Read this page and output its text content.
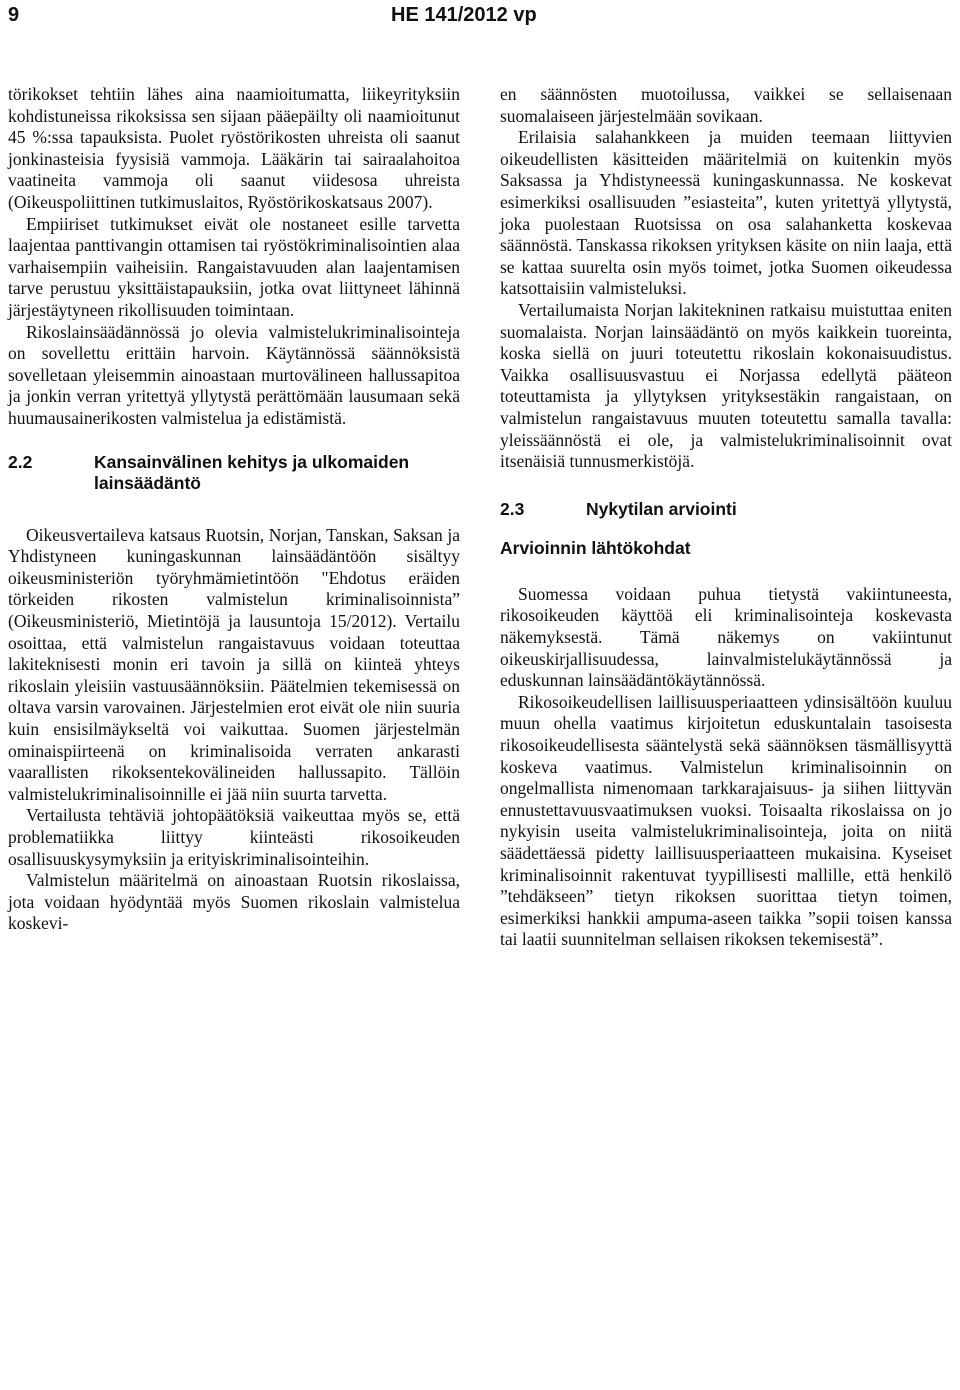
9	HE 141/2012 vp

törikokset tehtiin lähes aina naamioitumatta, liikeyrityksiin kohdistuneissa rikoksissa sen sijaan pääepäilty oli naamioitunut 45 %:ssa tapauksista. Puolet ryöstörikosten uhreista oli saanut jonkinasteisia fyysisiä vammoja. Lääkärin tai sairaalahoitoa vaatineita vammoja oli saanut viidesosa uhreista (Oikeuspoliittinen tutkimuslaitos, Ryöstörikoskatsaus 2007).

Empiiriset tutkimukset eivät ole nostaneet esille tarvetta laajentaa panttivangin ottamisen tai ryöstökriminalisointien alaa varhaisempiin vaiheisiin. Rangaistavuuden alan laajentamisen tarve perustuu yksittäistapauksiin, jotka ovat liittyneet lähinnä järjestäytyneen rikollisuuden toimintaan.

Rikoslainsäädännössä jo olevia valmistelukriminalisointeja on sovellettu erittäin harvoin. Käytännössä säännöksistä sovelletaan yleisemmin ainoastaan murtovälineen hallussapitoa ja jonkin verran yritettyä yllytystä perättömään lausumaan sekä huumausainerikosten valmistelua ja edistämistä.

2.2	Kansainvälinen kehitys ja ulkomaiden lainsäädäntö

Oikeusvertaileva katsaus Ruotsin, Norjan, Tanskan, Saksan ja Yhdistyneen kuningaskunnan lainsäädäntöön sisältyy oikeusministeriön työryhmämietintöön "Ehdotus eräiden törkeiden rikosten valmistelun kriminalisoinnista” (Oikeusministeriö, Mietintöjä ja lausuntoja 15/2012). Vertailu osoittaa, että valmistelun rangaistavuus voidaan toteuttaa lakiteknisesti monin eri tavoin ja sillä on kiinteä yhteys rikoslain yleisiin vastuusäännöksiin. Päätelmien tekemisessä on oltava varsin varovainen. Järjestelmien erot eivät ole niin suuria kuin ensisilmäykseltä voi vaikuttaa. Suomen järjestelmän ominaispiirteenä on kriminalisoida verraten ankarasti vaarallisten rikoksentekovälineiden hallussapito. Tällöin valmistelukriminalisoinnille ei jää niin suurta tarvetta.

Vertailusta tehtäviä johtopäätöksiä vaikeuttaa myös se, että problematiikka liittyy kiinteästi rikosoikeuden osallisuuskysymyksiin ja erityiskriminalisointeihin.

Valmistelun määritelmä on ainoastaan Ruotsin rikoslaissa, jota voidaan hyödyntää myös Suomen rikoslain valmistelua koskevi-

en säännösten muotoilussa, vaikkei se sellaisenaan suomalaiseen järjestelmään sovikaan.

Erilaisia salahankkeen ja muiden teemaan liittyvien oikeudellisten käsitteiden määritelmiä on kuitenkin myös Saksassa ja Yhdistyneessä kuningaskunnassa. Ne koskevat esimerkiksi osallisuuden ”esiasteita”, kuten yritettyä yllytystä, joka puolestaan Ruotsissa on osa salahanketta koskevaa säännöstä. Tanskassa rikoksen yrityksen käsite on niin laaja, että se kattaa suurelta osin myös toimet, jotka Suomen oikeudessa katsottaisiin valmisteluksi.

Vertailumaista Norjan lakitekninen ratkaisu muistuttaa eniten suomalaista. Norjan lainsäädäntö on myös kaikkein tuoreinta, koska siellä on juuri toteutettu rikoslain kokonaisuudistus. Vaikka osallisuusvastuu ei Norjassa edellytä pääteon toteuttamista ja yllytyksen yrityksestäkin rangaistaan, on valmistelun rangaistavuus muuten toteutettu samalla tavalla: yleissäännöstä ei ole, ja valmistelukriminalisoinnit ovat itsenäisiä tunnusmerkistöjä.

2.3	Nykytilan arviointi
Arvioinnin lähtökohdat

Suomessa voidaan puhua tietystä vakiintuneesta, rikosoikeuden käyttöä eli kriminalisointeja koskevasta näkemyksestä. Tämä näkemys on vakiintunut oikeuskirjallisuudessa, lainvalmistelukäytännössä ja eduskunnan lainsäädäntökäytännössä.

Rikosoikeudellisen laillisuusperiaatteen ydinsisältöön kuuluu muun ohella vaatimus kirjoitetun eduskuntalain tasoisesta rikosoikeudellisesta sääntelystä sekä säännöksen täsmällisyyttä koskeva vaatimus. Valmistelun kriminalisoinnin on ongelmallista nimenomaan tarkkarajaisuus- ja siihen liittyvän ennustettavuusvaatimuksen vuoksi. Toisaalta rikoslaissa on jo nykyisin useita valmistelukriminalisointeja, joita on niitä säädettäessä pidetty laillisuusperiaatteen mukaisina. Kyseiset kriminalisoinnit rakentuvat tyypillisesti mallille, että henkilö ”tehdäkseen” tietyn rikoksen suorittaa tietyn toimen, esimerkiksi hankkii ampuma-aseen taikka ”sopii toisen kanssa tai laatii suunnitelman sellaisen rikoksen tekemisestä”.
